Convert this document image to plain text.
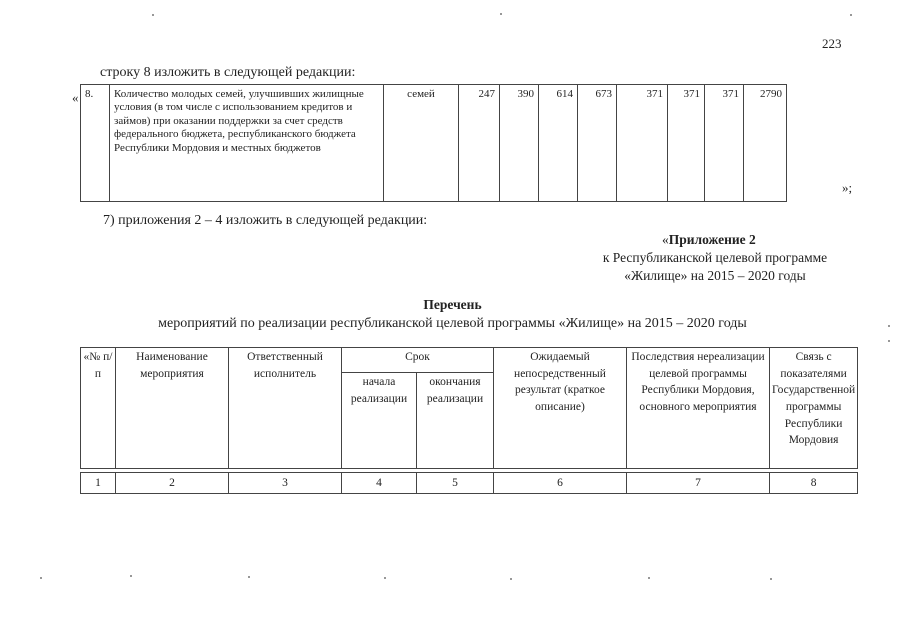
223
строку 8 изложить в следующей редакции:
« 8.	Количество молодых семей, улучшивших жилищные условия (в том числе с использованием кредитов и займов) при оказании поддержки за счет средств федерального бюджета, республиканского бюджета Республики Мордовия и местных бюджетов	семей	247	390	614	673	371	371	371	2790
»;
7) приложения 2 – 4 изложить в следующей редакции:
«Приложение 2
к Республиканской целевой программе
«Жилище» на 2015 – 2020 годы
Перечень
мероприятий по реализации республиканской целевой программы «Жилище» на 2015 – 2020 годы
«№ п/п	Наименование мероприятия	Ответственный исполнитель	Срок		Ожидаемый непосредственный результат (краткое описание)	Последствия нереализации целевой программы Республики Мордовия, основного мероприятия	Связь с показателями Государственной программы Республики Мордовия
			начала реализации	окончания реализации			

1	2	3	4	5	6	7	8
